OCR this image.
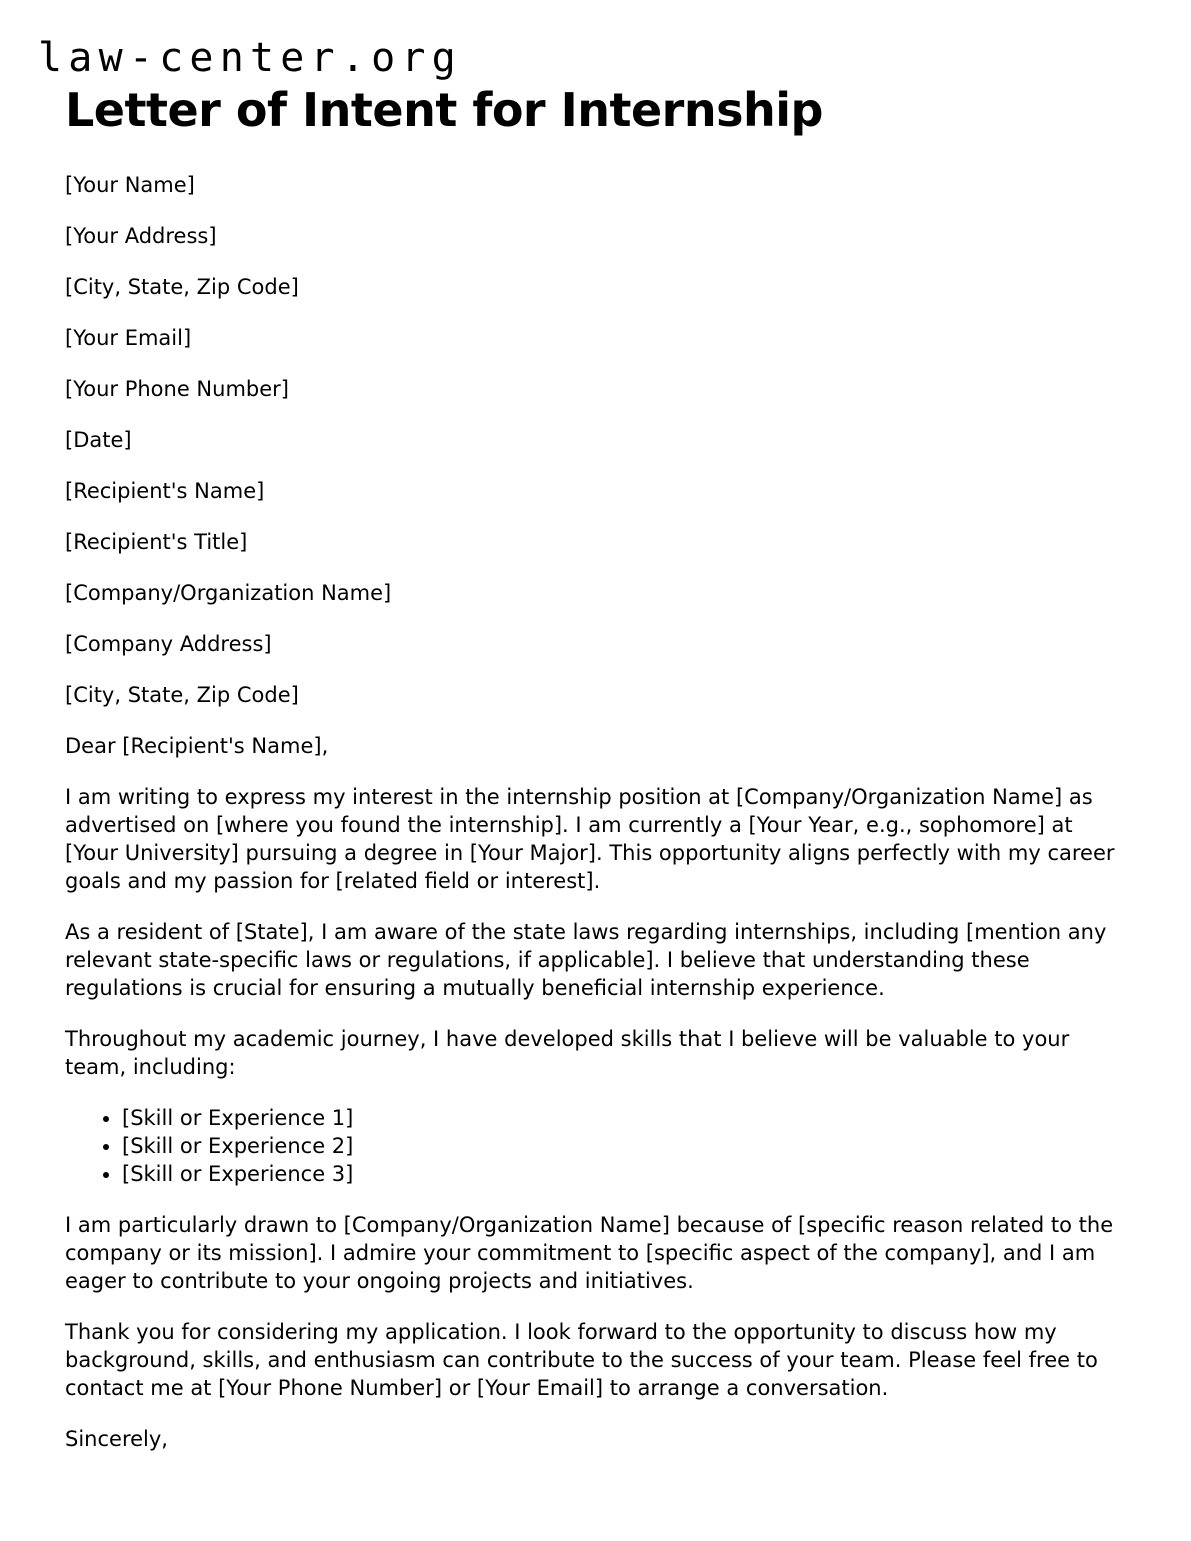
law-center.org
Letter of Intent for Internship

[Your Name]

[Your Address]

[City, State, Zip Code]

[Your Email]

[Your Phone Number]

[Date]

[Recipient's Name]

[Recipient's Title]

[Company/Organization Name]

[Company Address]

[City, State, Zip Code]

Dear [Recipient's Name],

I am writing to express my interest in the internship position at [Company/Organization Name] as advertised on [where you found the internship]. I am currently a [Your Year, e.g., sophomore] at [Your University] pursuing a degree in [Your Major]. This opportunity aligns perfectly with my career goals and my passion for [related field or interest].

As a resident of [State], I am aware of the state laws regarding internships, including [mention any relevant state-specific laws or regulations, if applicable]. I believe that understanding these regulations is crucial for ensuring a mutually beneficial internship experience.

Throughout my academic journey, I have developed skills that I believe will be valuable to your team, including:

• [Skill or Experience 1]
• [Skill or Experience 2]
• [Skill or Experience 3]

I am particularly drawn to [Company/Organization Name] because of [specific reason related to the company or its mission]. I admire your commitment to [specific aspect of the company], and I am eager to contribute to your ongoing projects and initiatives.

Thank you for considering my application. I look forward to the opportunity to discuss how my background, skills, and enthusiasm can contribute to the success of your team. Please feel free to contact me at [Your Phone Number] or [Your Email] to arrange a conversation.

Sincerely,
